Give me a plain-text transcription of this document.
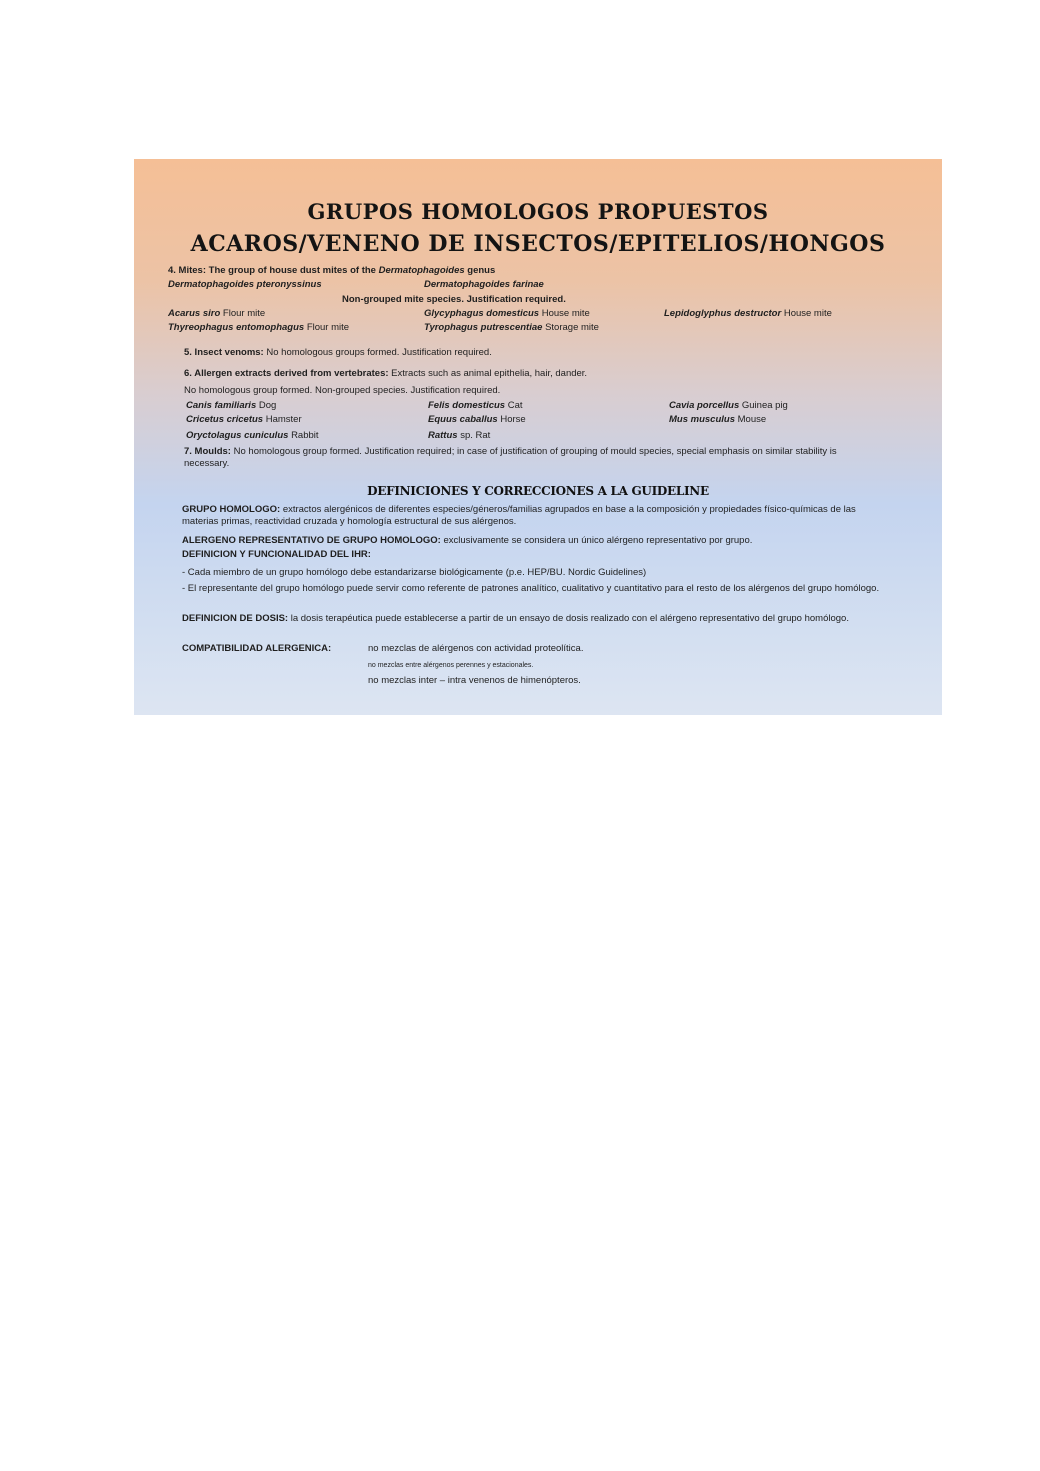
GRUPOS HOMOLOGOS PROPUESTOS
ACAROS/VENENO DE INSECTOS/EPITELIOS/HONGOS
4. Mites: The group of house dust mites of the Dermatophagoides genus
Dermatophagoides pteronyssinus	Dermatophagoides farinae
Non-grouped mite species. Justification required.
Acarus siro Flour mite	Glycyphagus domesticus House mite	Lepidoglyphus destructor House mite
Thyreophagus entomophagus Flour mite	Tyrophagus putrescentiae Storage mite
5. Insect venoms: No homologous groups formed. Justification required.
6. Allergen extracts derived from vertebrates: Extracts such as animal epithelia, hair, dander.
No homologous group formed. Non-grouped species. Justification required.
Canis familiaris Dog	Felis domesticus Cat	Cavia porcellus Guinea pig
Cricetus cricetus Hamster	Equus caballus Horse	Mus musculus Mouse
Oryctolagus cuniculus Rabbit	Rattus sp. Rat
7. Moulds: No homologous group formed. Justification required; in case of justification of grouping of mould species, special emphasis on similar stability is necessary.
DEFINICIONES Y CORRECCIONES A LA GUIDELINE
GRUPO HOMOLOGO: extractos alergénicos de diferentes especies/géneros/familias agrupados en base a la composición y propiedades físico-químicas de las materias primas, reactividad cruzada y homología estructural de sus alérgenos.
ALERGENO REPRESENTATIVO DE GRUPO HOMOLOGO: exclusivamente se considera un único alérgeno representativo por grupo.
DEFINICION Y FUNCIONALIDAD DEL IHR:
- Cada miembro de un grupo homólogo debe estandarizarse biológicamente (p.e. HEP/BU. Nordic Guidelines)
- El representante del grupo homólogo puede servir como referente de patrones analítico, cualitativo y cuantitativo para el resto de los alérgenos del grupo homólogo.
DEFINICION DE DOSIS: la dosis terapéutica puede establecerse a partir de un ensayo de dosis realizado con el alérgeno representativo del grupo homólogo.
COMPATIBILIDAD ALERGENICA:	no mezclas de alérgenos con actividad proteolítica.
no mezclas entre alérgenos perennes y estacionales.
no mezclas inter – intra venenos de himenópteros.
